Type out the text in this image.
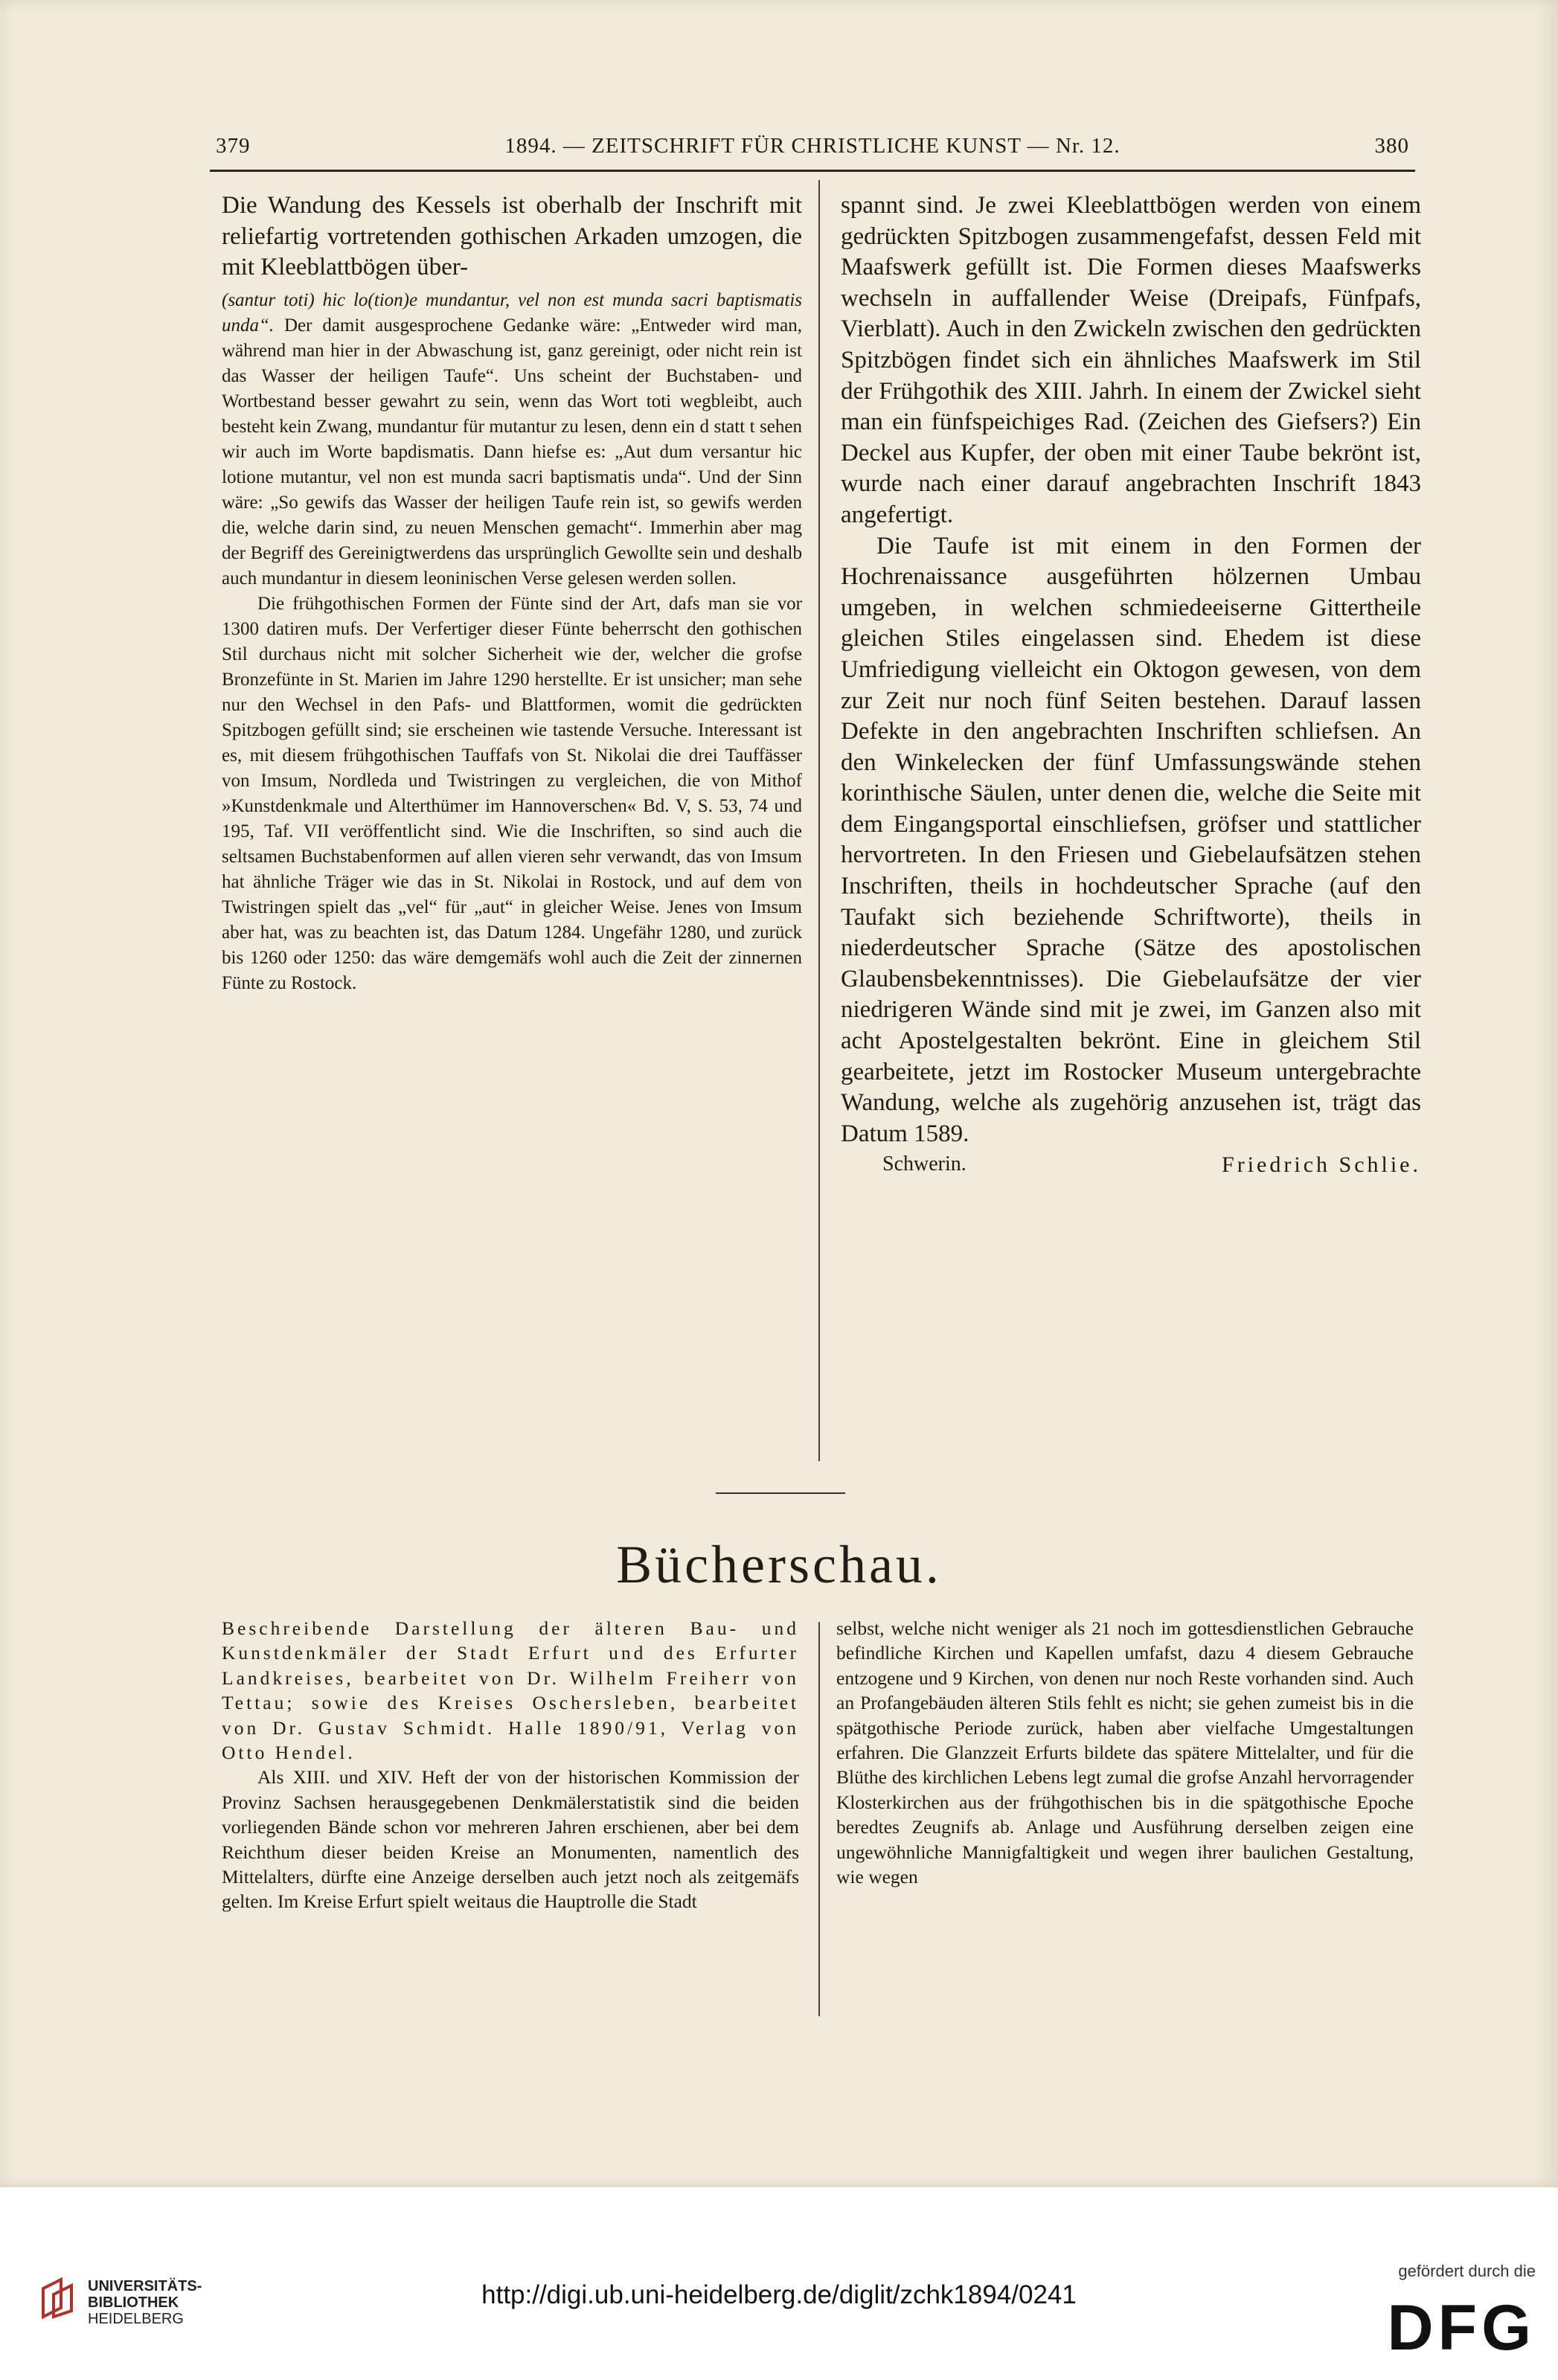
379	1894. — ZEITSCHRIFT FÜR CHRISTLICHE KUNST — Nr. 12.	380

Die Wandung des Kessels ist oberhalb der Inschrift mit reliefartig vortretenden gothischen Arkaden umzogen, die mit Kleeblattbögen über-

(santur toti) hic lo(tion)e mundantur, vel non est munda sacri baptismatis unda“. Der damit ausgesprochene Gedanke wäre: „Entweder wird man, während man hier in der Abwaschung ist, ganz gereinigt, oder nicht rein ist das Wasser der heiligen Taufe“. Uns scheint der Buchstaben- und Wortbestand besser gewahrt zu sein, wenn das Wort toti wegbleibt, auch besteht kein Zwang, mundantur für mutantur zu lesen, denn ein d statt t sehen wir auch im Worte bapdismatis. Dann hiefse es: „Aut dum versantur hic lotione mutantur, vel non est munda sacri baptismatis unda“. Und der Sinn wäre: „So gewifs das Wasser der heiligen Taufe rein ist, so gewifs werden die, welche darin sind, zu neuen Menschen gemacht“. Immerhin aber mag der Begriff des Gereinigtwerdens das ursprünglich Gewollte sein und deshalb auch mundantur in diesem leoninischen Verse gelesen werden sollen.

Die frühgothischen Formen der Fünte sind der Art, dafs man sie vor 1300 datiren mufs. Der Verfertiger dieser Fünte beherrscht den gothischen Stil durchaus nicht mit solcher Sicherheit wie der, welcher die grofse Bronzefünte in St. Marien im Jahre 1290 herstellte. Er ist unsicher; man sehe nur den Wechsel in den Pafs- und Blattformen, womit die gedrückten Spitzbogen gefüllt sind; sie erscheinen wie tastende Versuche. Interessant ist es, mit diesem frühgothischen Tauffafs von St. Nikolai die drei Tauffässer von Imsum, Nordleda und Twistringen zu vergleichen, die von Mithof »Kunstdenkmale und Alterthümer im Hannoverschen« Bd. V, S. 53, 74 und 195, Taf. VII veröffentlicht sind. Wie die Inschriften, so sind auch die seltsamen Buchstabenformen auf allen vieren sehr verwandt, das von Imsum hat ähnliche Träger wie das in St. Nikolai in Rostock, und auf dem von Twistringen spielt das „vel“ für „aut“ in gleicher Weise. Jenes von Imsum aber hat, was zu beachten ist, das Datum 1284. Ungefähr 1280, und zurück bis 1260 oder 1250: das wäre demgemäfs wohl auch die Zeit der zinnernen Fünte zu Rostock.

spannt sind. Je zwei Kleeblattbögen werden von einem gedrückten Spitzbogen zusammengefafst, dessen Feld mit Maafswerk gefüllt ist. Die Formen dieses Maafswerks wechseln in auffallender Weise (Dreipafs, Fünfpafs, Vierblatt). Auch in den Zwickeln zwischen den gedrückten Spitzbögen findet sich ein ähnliches Maafswerk im Stil der Frühgothik des XIII. Jahrh. In einem der Zwickel sieht man ein fünfspeichiges Rad. (Zeichen des Giefsers?) Ein Deckel aus Kupfer, der oben mit einer Taube bekrönt ist, wurde nach einer darauf angebrachten Inschrift 1843 angefertigt.

Die Taufe ist mit einem in den Formen der Hochrenaissance ausgeführten hölzernen Umbau umgeben, in welchen schmiedeeiserne Gittertheile gleichen Stiles eingelassen sind. Ehedem ist diese Umfriedigung vielleicht ein Oktogon gewesen, von dem zur Zeit nur noch fünf Seiten bestehen. Darauf lassen Defekte in den angebrachten Inschriften schliefsen. An den Winkelecken der fünf Umfassungswände stehen korinthische Säulen, unter denen die, welche die Seite mit dem Eingangsportal einschliefsen, gröfser und stattlicher hervortreten. In den Friesen und Giebelaufsätzen stehen Inschriften, theils in hochdeutscher Sprache (auf den Taufakt sich beziehende Schriftworte), theils in niederdeutscher Sprache (Sätze des apostolischen Glaubensbekenntnisses). Die Giebelaufsätze der vier niedrigeren Wände sind mit je zwei, im Ganzen also mit acht Apostelgestalten bekrönt. Eine in gleichem Stil gearbeitete, jetzt im Rostocker Museum untergebrachte Wandung, welche als zugehörig anzusehen ist, trägt das Datum 1589.

Schwerin.	Friedrich Schlie.
Bücherschau.

Beschreibende Darstellung der älteren Bau- und Kunstdenkmäler der Stadt Erfurt und des Erfurter Landkreises, bearbeitet von Dr. Wilhelm Freiherr von Tettau; sowie des Kreises Oschersleben, bearbeitet von Dr. Gustav Schmidt. Halle 1890/91, Verlag von Otto Hendel.

Als XIII. und XIV. Heft der von der historischen Kommission der Provinz Sachsen herausgegebenen Denkmälerstatistik sind die beiden vorliegenden Bände schon vor mehreren Jahren erschienen, aber bei dem Reichthum dieser beiden Kreise an Monumenten, namentlich des Mittelalters, dürfte eine Anzeige derselben auch jetzt noch als zeitgemäfs gelten. Im Kreise Erfurt spielt weitaus die Hauptrolle die Stadt

selbst, welche nicht weniger als 21 noch im gottesdienstlichen Gebrauche befindliche Kirchen und Kapellen umfafst, dazu 4 diesem Gebrauche entzogene und 9 Kirchen, von denen nur noch Reste vorhanden sind. Auch an Profangebäuden älteren Stils fehlt es nicht; sie gehen zumeist bis in die spätgothische Periode zurück, haben aber vielfache Umgestaltungen erfahren. Die Glanzzeit Erfurts bildete das spätere Mittelalter, und für die Blüthe des kirchlichen Lebens legt zumal die grofse Anzahl hervorragender Klosterkirchen aus der frühgothischen bis in die spätgothische Epoche beredtes Zeugnifs ab. Anlage und Ausführung derselben zeigen eine ungewöhnliche Mannigfaltigkeit und wegen ihrer baulichen Gestaltung, wie wegen

UNIVERSITÄTS-
BIBLIOTHEK
HEIDELBERG
http://digi.ub.uni-heidelberg.de/diglit/zchk1894/0241
gefördert durch die
DFG
